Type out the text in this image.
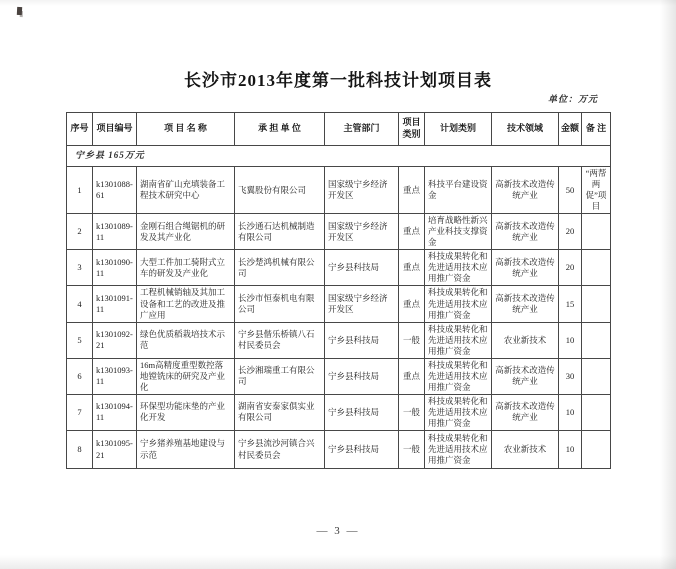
长沙市2013年度第一批科技计划项目表
单位：万元
序号	项目编号	项 目 名 称	承 担 单 位	主管部门	项目类别	计划类别	技术领域	金额	备 注
宁乡县 165万元									
1	k1301088-61	湖南省矿山充填装备工程技术研究中心	飞翼股份有限公司	国家级宁乡经济开发区	重点	科技平台建设资金	高新技术改造传统产业	50	“两帮两促”项目
2	k1301089-11	金刚石组合绳锯机的研发及其产业化	长沙通石达机械制造有限公司	国家级宁乡经济开发区	重点	培育战略性新兴产业科技支撑资金	高新技术改造传统产业	20	
3	k1301090-11	大型工件加工骑附式立车的研发及产业化	长沙楚鸿机械有限公司	宁乡县科技局	重点	科技成果转化和先进适用技术应用推广资金	高新技术改造传统产业	20	
4	k1301091-11	工程机械销轴及其加工设备和工艺的改进及推广应用	长沙市恒泰机电有限公司	国家级宁乡经济开发区	重点	科技成果转化和先进适用技术应用推广资金	高新技术改造传统产业	15	
5	k1301092-21	绿色优质稻栽培技术示范	宁乡县偕乐桥镇八石村民委员会	宁乡县科技局	一般	科技成果转化和先进适用技术应用推广资金	农业新技术	10	
6	k1301093-11	16m高精度重型数控落地镗铣床的研究及产业化	长沙湘瑞重工有限公司	宁乡县科技局	重点	科技成果转化和先进适用技术应用推广资金	高新技术改造传统产业	30	
7	k1301094-11	环保型功能床垫的产业化开发	湖南省安泰家俱实业有限公司	宁乡县科技局	一般	科技成果转化和先进适用技术应用推广资金	高新技术改造传统产业	10	
8	k1301095-21	宁乡猪养殖基地建设与示范	宁乡县流沙河镇合兴村民委员会	宁乡县科技局	一般	科技成果转化和先进适用技术应用推广资金	农业新技术	10	
— 3 —
